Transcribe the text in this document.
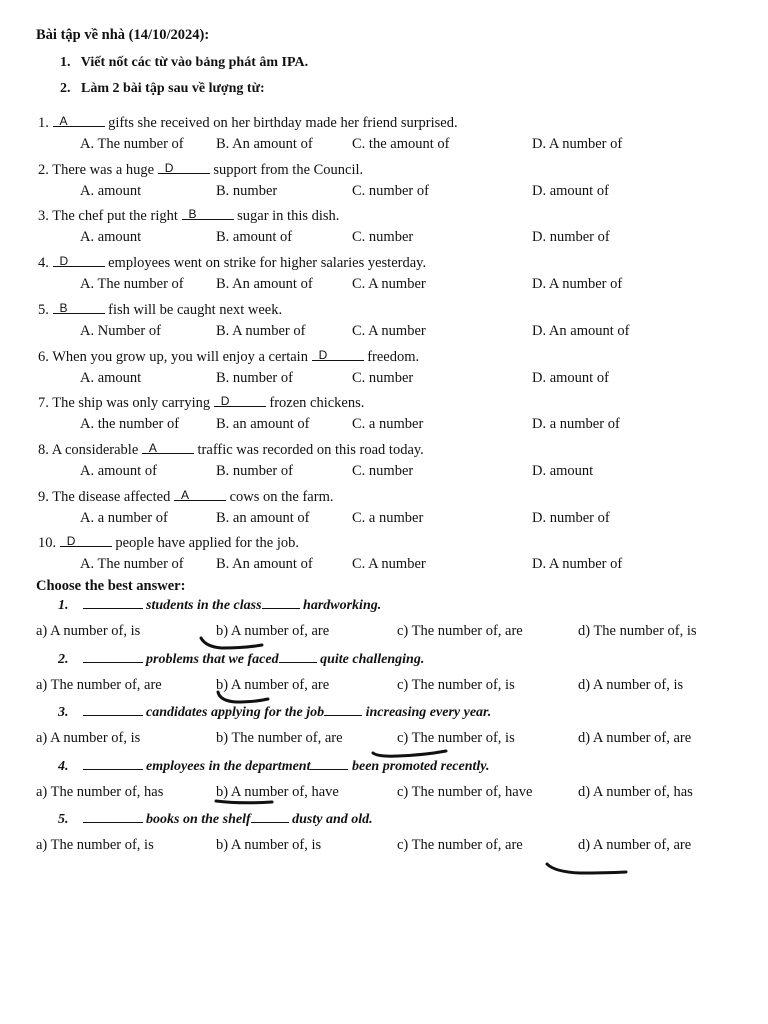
Bài tập về nhà (14/10/2024):
1. Viết nốt các từ vào bảng phát âm IPA.
2. Làm 2 bài tập sau về lượng từ:
1. A	gifts she received on her birthday made her friend surprised.
A. The number of B. An amount of	C. the amount of	D. A number of
2. There was a huge D	support from the Council.
A. amount	B. number	C. number of	D. amount of
3. The chef put the right B	sugar in this dish.
A. amount	B. amount of	C. number	D. number of
4. D	employees went on strike for higher salaries yesterday.
A. The number of B. An amount of	C. A number	D. A number of
5. B	fish will be caught next week.
A. Number of	B. A number of	C. A number	D. An amount of
6. When you grow up, you will enjoy a certain D	freedom.
A. amount	B. number of	C. number	D. amount of
7. The ship was only carrying D	frozen chickens.
A. the number of	B. an amount of	C. a number	D. a number of
8. A considerable A	traffic was recorded on this road today.
A. amount of	B. number of	C. number	D. amount
9. The disease affected A	cows on the farm.
A. a number of	B. an amount of	C. a number	D. number of
10. D	people have applied for the job.
A. The number of B. An amount of	C. A number	D. A number of
Choose the best answer:
1.	students in the class	hardworking.
a) A number of, is	b) A number of, are	c) The number of, are	d) The number of, is
2.	problems that we faced	quite challenging.
a) The number of, are	b) A number of, are	c) The number of, is	d) A number of, is
3.	candidates applying for the job	increasing every year.
a) A number of, is	b) The number of, are	c) The number of, is	d) A number of, are
4.	employees in the department	been promoted recently.
a) The number of, has	b) A number of, have	c) The number of, have	d) A number of, has
5.	books on the shelf	dusty and old.
a) The number of, is	b) A number of, is	c) The number of, are	d) A number of, are
